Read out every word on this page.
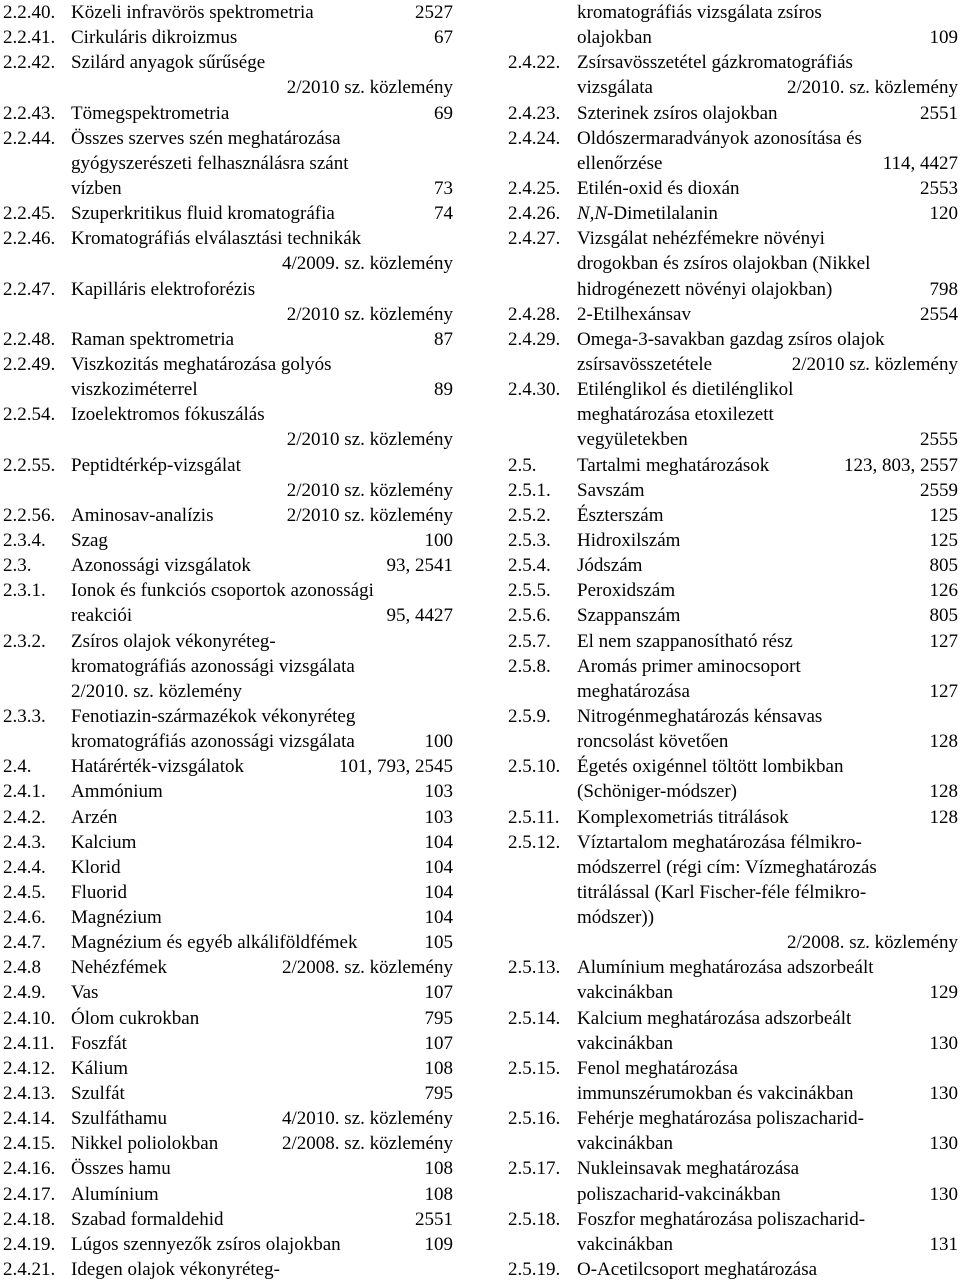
2.2.40. Közeli infravörös spektrometria	2527
2.2.41. Cirkuláris dikroizmus	67
2.2.42. Szilárd anyagok sűrűsége
2/2010 sz. közlemény
2.2.43. Tömegspektrometria	69
2.2.44. Összes szerves szén meghatározása
gyógyszerészeti felhasználásra szánt
vízben	73
2.2.45. Szuperkritikus fluid kromatográfia	74
2.2.46. Kromatográfiás elválasztási technikák
4/2009. sz. közlemény
2.2.47. Kapilláris elektroforézis
2/2010 sz. közlemény
2.2.48. Raman spektrometria	87
2.2.49. Viszkozitás meghatározása golyós
viszkoziméterrel	89
2.2.54. Izoelektromos fókuszálás
2/2010 sz. közlemény
2.2.55. Peptidtérkép-vizsgálat
2/2010 sz. közlemény
2.2.56. Aminosav-analízis	2/2010 sz. közlemény
2.3.4. Szag	100
2.3. Azonossági vizsgálatok	93, 2541
2.3.1. Ionok és funkciós csoportok azonossági
reakciói	95, 4427
2.3.2. Zsíros olajok vékonyréteg-
kromatográfiás azonossági vizsgálata
2/2010. sz. közlemény
2.3.3. Fenotiazin-származékok vékonyréteg
kromatográfiás azonossági vizsgálata	100
2.4. Határérték-vizsgálatok	101, 793, 2545
2.4.1. Ammónium	103
2.4.2. Arzén	103
2.4.3. Kalcium	104
2.4.4. Klorid	104
2.4.5. Fluorid	104
2.4.6. Magnézium	104
2.4.7. Magnézium és egyéb alkáliföldfémek	105
2.4.8 Nehézfémek	2/2008. sz. közlemény
2.4.9. Vas	107
2.4.10. Ólom cukrokban	795
2.4.11. Foszfát	107
2.4.12. Kálium	108
2.4.13. Szulfát	795
2.4.14. Szulfáthamu	4/2010. sz. közlemény
2.4.15. Nikkel poliolokban	2/2008. sz. közlemény
2.4.16. Összes hamu	108
2.4.17. Alumínium	108
2.4.18. Szabad formaldehid	2551
2.4.19. Lúgos szennyezők zsíros olajokban	109
2.4.21. Idegen olajok vékonyréteg-
kromatográfiás vizsgálata zsíros
olajokban	109
2.4.22. Zsírsavösszetétel gázkromatográfiás
vizsgálata	2/2010. sz. közlemény
2.4.23. Szterinek zsíros olajokban	2551
2.4.24. Oldószermaradványok azonosítása és
ellenőrzése	114, 4427
2.4.25. Etilén-oxid és dioxán	2553
2.4.26. N,N-Dimetilalanin	120
2.4.27. Vizsgálat nehézfémekre növényi
drogokban és zsíros olajokban (Nikkel
hidrogénezett növényi olajokban)	798
2.4.28. 2-Etilhexánsav	2554
2.4.29. Omega-3-savakban gazdag zsíros olajok
zsírsavösszetétele	2/2010 sz. közlemény
2.4.30. Etilénglikol és dietilénglikol
meghatározása etoxilezett
vegyületekben	2555
2.5. Tartalmi meghatározások	123, 803, 2557
2.5.1. Savszám	2559
2.5.2. Észterszám	125
2.5.3. Hidroxilszám	125
2.5.4. Jódszám	805
2.5.5. Peroxidszám	126
2.5.6. Szappanszám	805
2.5.7. El nem szappanosítható rész	127
2.5.8. Aromás primer aminocsoport
meghatározása	127
2.5.9. Nitrogénmeghatározás kénsavas
roncsolást követően	128
2.5.10. Égetés oxigénnel töltött lombikban
(Schöniger-módszer)	128
2.5.11. Komplexometriás titrálások	128
2.5.12. Víztartalom meghatározása félmikro-
módszerrel (régi cím: Vízmeghatározás
titrálással (Karl Fischer-féle félmikro-
módszer))
2/2008. sz. közlemény
2.5.13. Alumínium meghatározása adszorbeált
vakcinákban	129
2.5.14. Kalcium meghatározása adszorbeált
vakcinákban	130
2.5.15. Fenol meghatározása
immunszérumokban és vakcinákban	130
2.5.16. Fehérje meghatározása poliszacharid-
vakcinákban	130
2.5.17. Nukleinsavak meghatározása
poliszacharid-vakcinákban	130
2.5.18. Foszfor meghatározása poliszacharid-
vakcinákban	131
2.5.19. O-Acetilcsoport meghatározása
